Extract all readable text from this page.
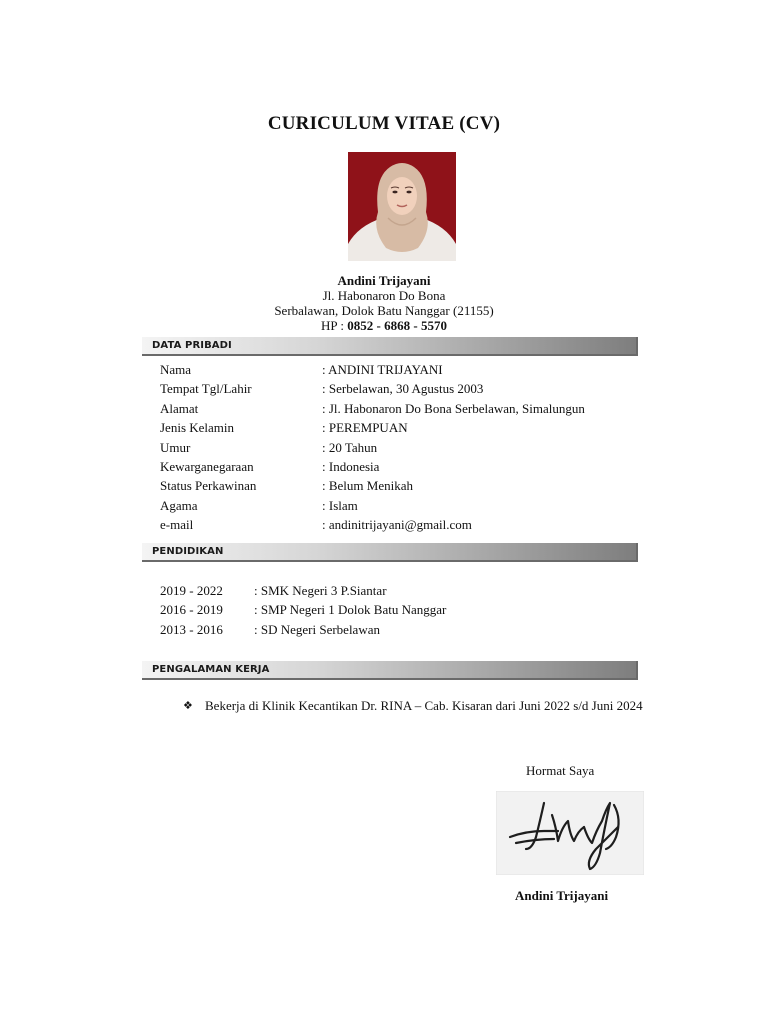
CURICULUM VITAE (CV)
Andini Trijayani
Jl. Habonaron Do Bona
Serbalawan, Dolok Batu Nanggar (21155)
HP : 0852 - 6868 - 5570
DATA PRIBADI
Nama	: ANDINI TRIJAYANI
Tempat Tgl/Lahir	: Serbelawan, 30 Agustus 2003
Alamat	: Jl. Habonaron Do Bona Serbelawan, Simalungun
Jenis Kelamin	: PEREMPUAN
Umur	: 20 Tahun
Kewarganegaraan	: Indonesia
Status Perkawinan	: Belum Menikah
Agama	: Islam
e-mail	: andinitrijayani@gmail.com
PENDIDIKAN
2019 - 2022 : SMK Negeri 3 P.Siantar
2016 - 2019 : SMP Negeri 1 Dolok Batu Nanggar
2013 - 2016 : SD Negeri Serbelawan
PENGALAMAN KERJA
❖ Bekerja di Klinik Kecantikan Dr. RINA – Cab. Kisaran dari Juni 2022 s/d Juni 2024
Hormat Saya
Andini Trijayani
